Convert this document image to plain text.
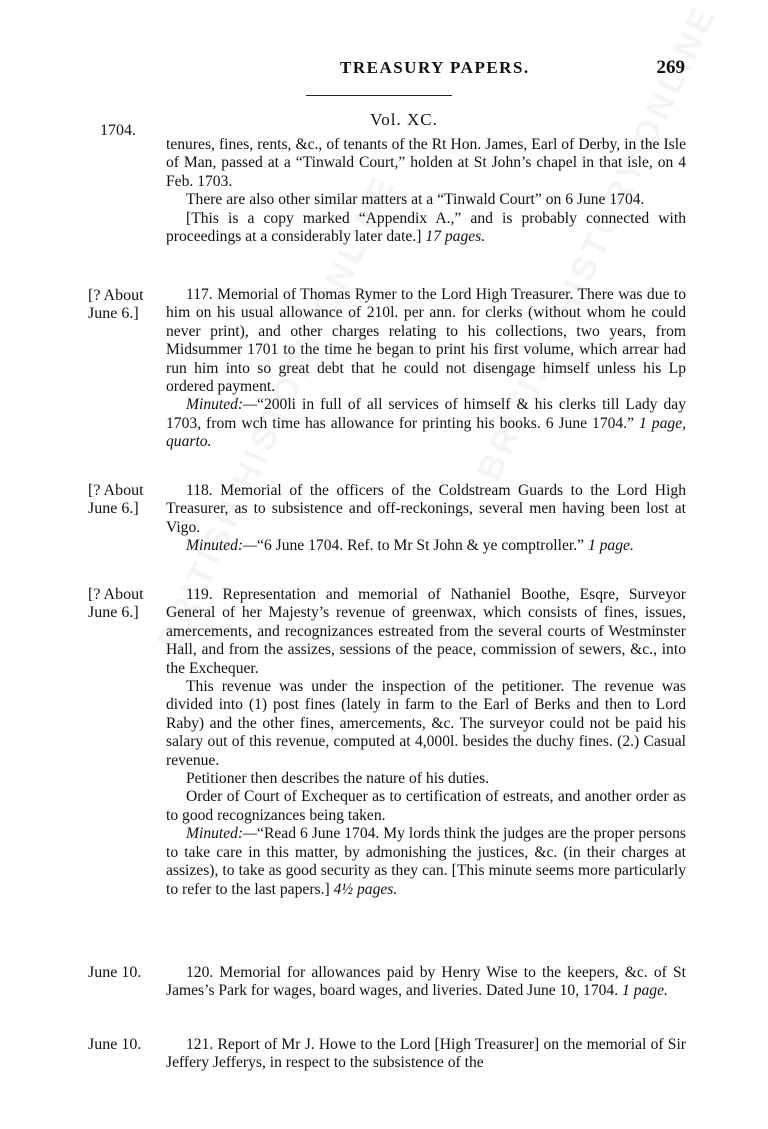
TREASURY PAPERS.	269
Vol. XC.
1704.

tenures, fines, rents, &c., of tenants of the Rt Hon. James, Earl of Derby, in the Isle of Man, passed at a “Tinwald Court,” holden at St John’s chapel in that isle, on 4 Feb. 1703.

There are also other similar matters at a “Tinwald Court” on 6 June 1704.

[This is a copy marked “Appendix A.,” and is probably connected with proceedings at a considerably later date.] 17 pages.

[? About
June 6.]

117. Memorial of Thomas Rymer to the Lord High Treasurer. There was due to him on his usual allowance of 210l. per ann. for clerks (without whom he could never print), and other charges relating to his collections, two years, from Midsummer 1701 to the time he began to print his first volume, which arrear had run him into so great debt that he could not disengage himself unless his Lp ordered payment.

Minuted:—“200li in full of all services of himself & his clerks till Lady day 1703, from wch time has allowance for printing his books. 6 June 1704.” 1 page, quarto.

[? About
June 6.]

118. Memorial of the officers of the Coldstream Guards to the Lord High Treasurer, as to subsistence and off-reckonings, several men having been lost at Vigo.

Minuted:—“6 June 1704. Ref. to Mr St John & ye comptroller.” 1 page.

[? About
June 6.]

119. Representation and memorial of Nathaniel Boothe, Esqre, Surveyor General of her Majesty’s revenue of greenwax, which consists of fines, issues, amercements, and recognizances estreated from the several courts of Westminster Hall, and from the assizes, sessions of the peace, commission of sewers, &c., into the Exchequer.

This revenue was under the inspection of the petitioner. The revenue was divided into (1) post fines (lately in farm to the Earl of Berks and then to Lord Raby) and the other fines, amercements, &c. The surveyor could not be paid his salary out of this revenue, computed at 4,000l. besides the duchy fines. (2.) Casual revenue.

Petitioner then describes the nature of his duties.

Order of Court of Exchequer as to certification of estreats, and another order as to good recognizances being taken.

Minuted:—“Read 6 June 1704. My lords think the judges are the proper persons to take care in this matter, by admonishing the justices, &c. (in their charges at assizes), to take as good security as they can. [This minute seems more particularly to refer to the last papers.] 4½ pages.

June 10.	120. Memorial for allowances paid by Henry Wise to the keepers, &c. of St James’s Park for wages, board wages, and liveries. Dated June 10, 1704. 1 page.

June 10.	121. Report of Mr J. Howe to the Lord [High Treasurer] on the memorial of Sir Jeffery Jefferys, in respect to the subsistence of the
